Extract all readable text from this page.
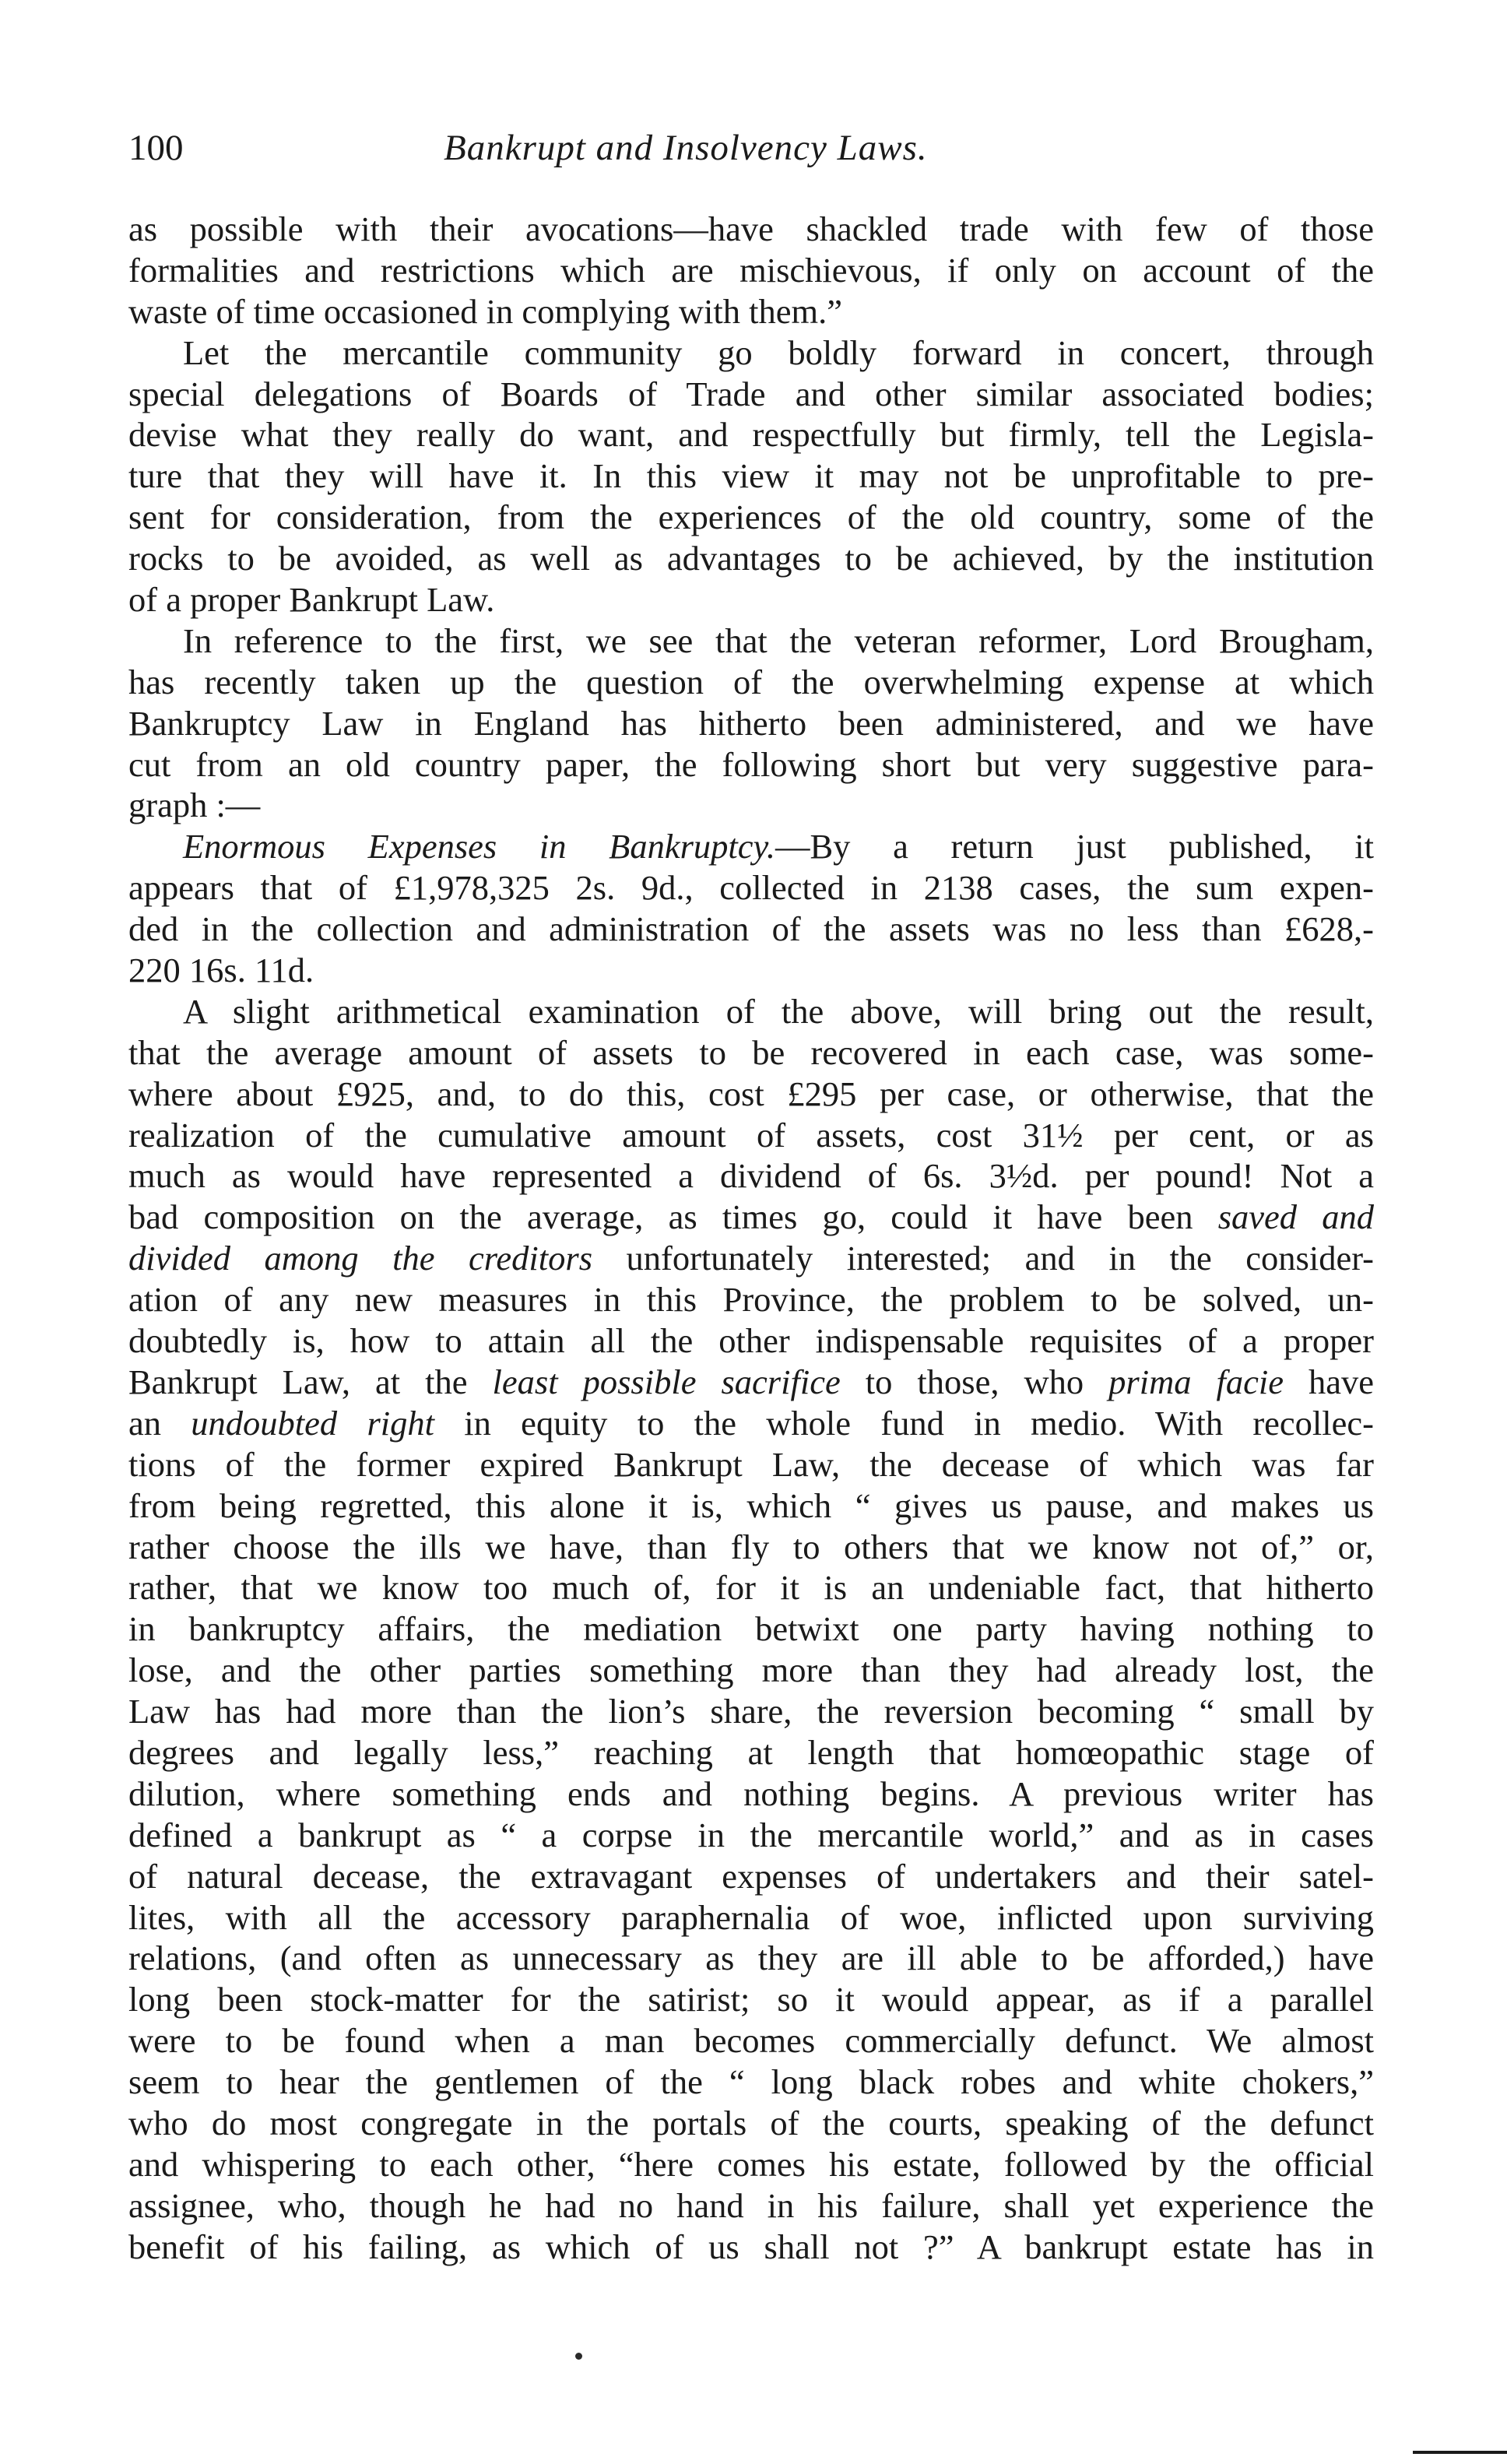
100	Bankrupt and Insolvency Laws.
as possible with their avocations—have shackled trade with few of those
formalities and restrictions which are mischievous, if only on account of the
waste of time occasioned in complying with them.”
Let the mercantile community go boldly forward in concert, through
special delegations of Boards of Trade and other similar associated bodies;
devise what they really do want, and respectfully but firmly, tell the Legisla-
ture that they will have it. In this view it may not be unprofitable to pre-
sent for consideration, from the experiences of the old country, some of the
rocks to be avoided, as well as advantages to be achieved, by the institution
of a proper Bankrupt Law.
In reference to the first, we see that the veteran reformer, Lord Brougham,
has recently taken up the question of the overwhelming expense at which
Bankruptcy Law in England has hitherto been administered, and we have
cut from an old country paper, the following short but very suggestive para-
graph :—
Enormous Expenses in Bankruptcy.—By a return just published, it
appears that of £1,978,325 2s. 9d., collected in 2138 cases, the sum expen-
ded in the collection and administration of the assets was no less than £628,-
220 16s. 11d.
A slight arithmetical examination of the above, will bring out the result,
that the average amount of assets to be recovered in each case, was some-
where about £925, and, to do this, cost £295 per case, or otherwise, that the
realization of the cumulative amount of assets, cost 31½ per cent, or as
much as would have represented a dividend of 6s. 3½d. per pound! Not a
bad composition on the average, as times go, could it have been saved and
divided among the creditors unfortunately interested; and in the consider-
ation of any new measures in this Province, the problem to be solved, un-
doubtedly is, how to attain all the other indispensable requisites of a proper
Bankrupt Law, at the least possible sacrifice to those, who prima facie have
an undoubted right in equity to the whole fund in medio. With recollec-
tions of the former expired Bankrupt Law, the decease of which was far
from being regretted, this alone it is, which “ gives us pause, and makes us
rather choose the ills we have, than fly to others that we know not of,” or,
rather, that we know too much of, for it is an undeniable fact, that hitherto
in bankruptcy affairs, the mediation betwixt one party having nothing to
lose, and the other parties something more than they had already lost, the
Law has had more than the lion’s share, the reversion becoming “ small by
degrees and legally less,” reaching at length that homœopathic stage of
dilution, where something ends and nothing begins. A previous writer has
defined a bankrupt as “ a corpse in the mercantile world,” and as in cases
of natural decease, the extravagant expenses of undertakers and their satel-
lites, with all the accessory paraphernalia of woe, inflicted upon surviving
relations, (and often as unnecessary as they are ill able to be afforded,) have
long been stock-matter for the satirist; so it would appear, as if a parallel
were to be found when a man becomes commercially defunct. We almost
seem to hear the gentlemen of the “ long black robes and white chokers,”
who do most congregate in the portals of the courts, speaking of the defunct
and whispering to each other, “here comes his estate, followed by the official
assignee, who, though he had no hand in his failure, shall yet experience the
benefit of his failing, as which of us shall not ?” A bankrupt estate has in
